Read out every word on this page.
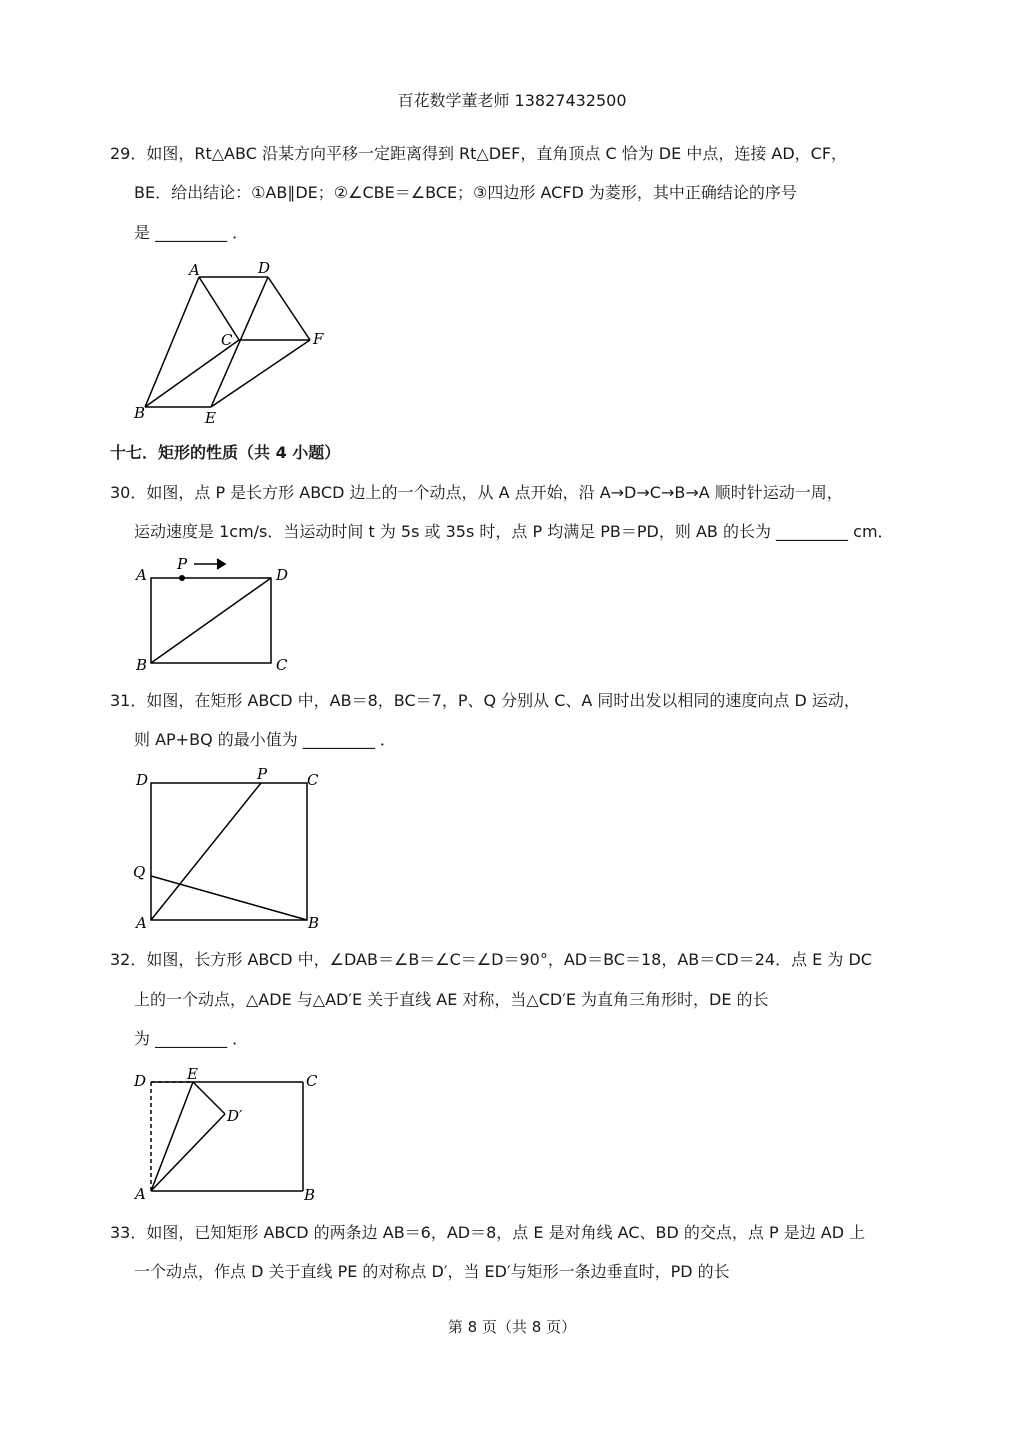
百花数学董老师 13827432500
29．如图，Rt△ABC 沿某方向平移一定距离得到 Rt△DEF，直角顶点 C 恰为 DE 中点，连接 AD，CF，
BE．给出结论：①AB∥DE；②∠CBE＝∠BCE；③四边形 ACFD 为菱形，其中正确结论的序号
是 _________ ．
A	D
C	F
B	E
十七．矩形的性质（共 4 小题）
30．如图，点 P 是长方形 ABCD 边上的一个动点，从 A 点开始，沿 A→D→C→B→A 顺时针运动一周，
运动速度是 1cm/s．当运动时间 t 为 5s 或 35s 时，点 P 均满足 PB＝PD，则 AB 的长为 _________ cm．
A
P
D
B	C
31．如图，在矩形 ABCD 中，AB＝8，BC＝7，P、Q 分别从 C、A 同时出发以相同的速度向点 D 运动，
则 AP+BQ 的最小值为 _________ ．
D	P	C
Q
A	B
32．如图，长方形 ABCD 中，∠DAB＝∠B＝∠C＝∠D＝90°，AD＝BC＝18，AB＝CD＝24．点 E 为 DC
上的一个动点，△ADE 与△AD′E 关于直线 AE 对称，当△CD′E 为直角三角形时，DE 的长
为 _________ ．
D	E	C
D′
A	B
33．如图，已知矩形 ABCD 的两条边 AB＝6，AD＝8，点 E 是对角线 AC、BD 的交点，点 P 是边 AD 上
一个动点，作点 D 关于直线 PE 的对称点 D′，当 ED′与矩形一条边垂直时，PD 的长
第 8 页（共 8 页）
